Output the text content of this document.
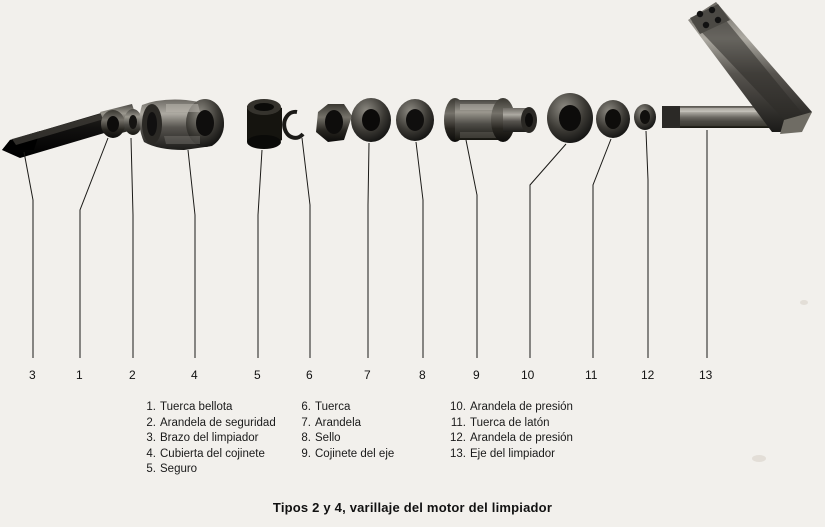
3	1	2	4	5	6	7	8	9	10	11	12	13
1. Tuerca bellota
2. Arandela de seguridad
3. Brazo del limpiador
4. Cubierta del cojinete
5. Seguro
6. Tuerca
7. Arandela
8. Sello
9. Cojinete del eje
10. Arandela de presión
11. Tuerca de latón
12. Arandela de presión
13. Eje del limpiador
Tipos 2 y 4, varillaje del motor del limpiador
